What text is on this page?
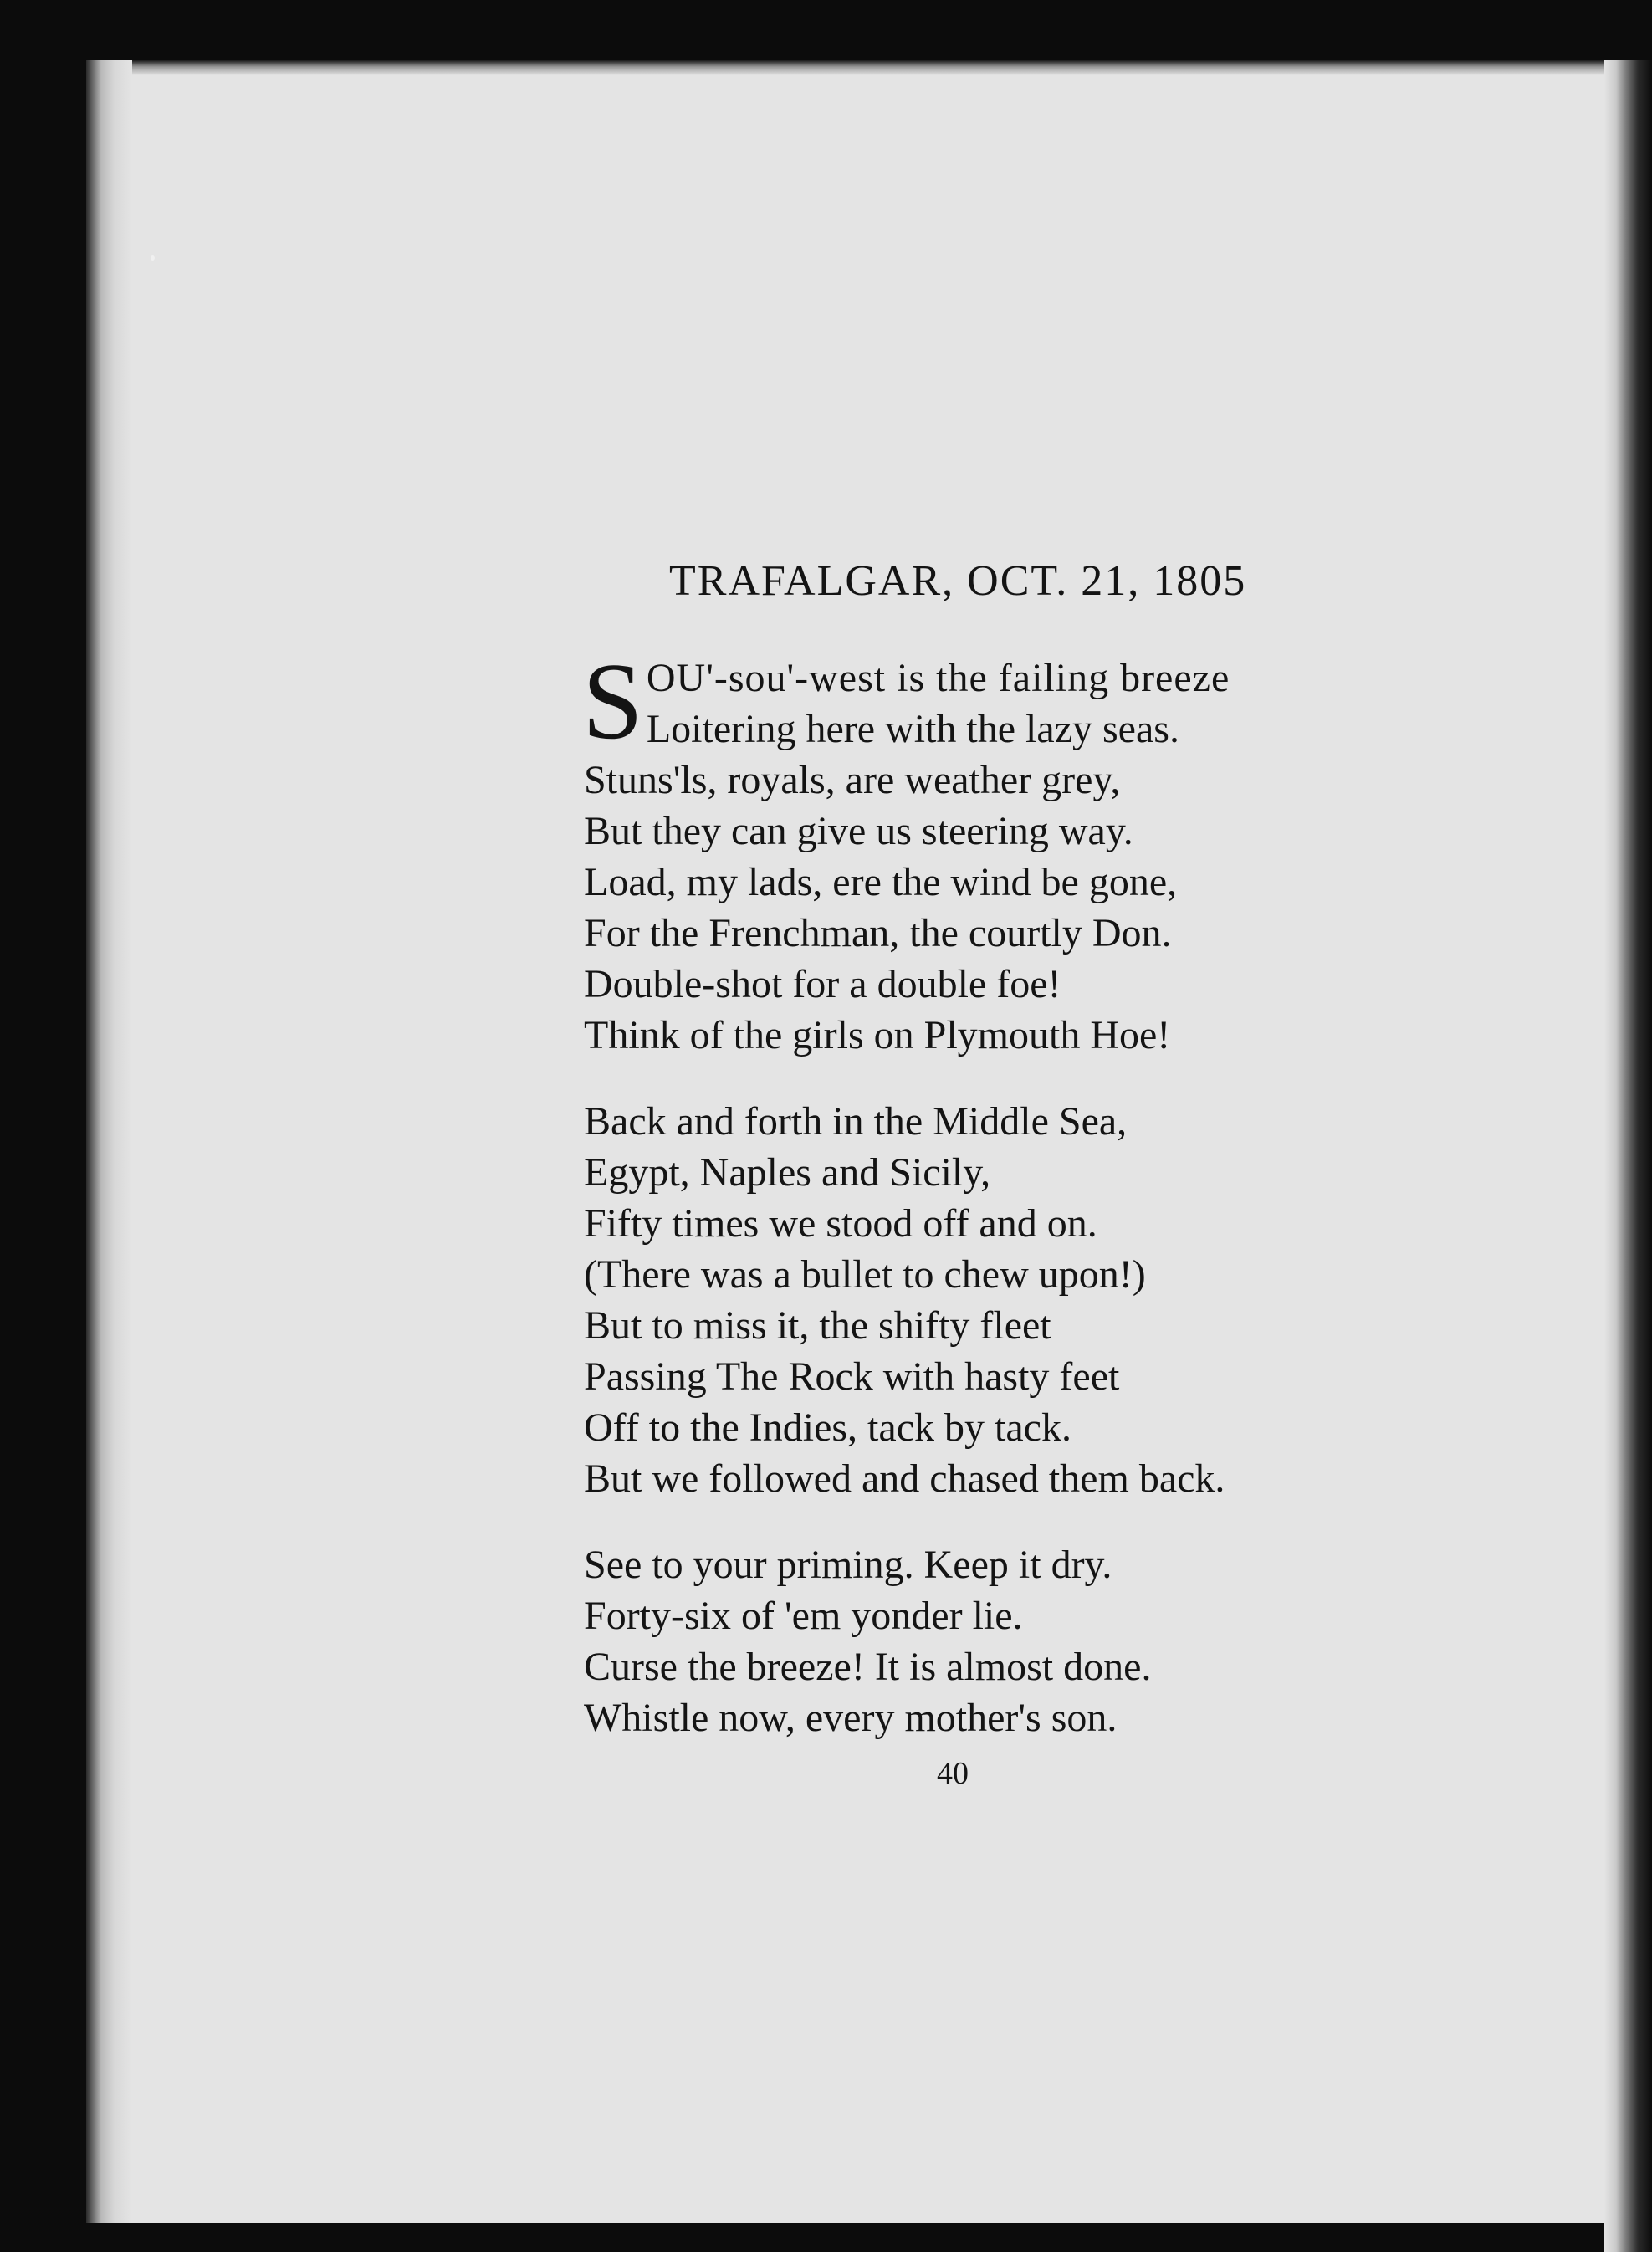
TRAFALGAR, OCT. 21, 1805
S OU'-sou'-west is the failing breeze
Loitering here with the lazy seas.
Stuns'ls, royals, are weather grey,
But they can give us steering way.
Load, my lads, ere the wind be gone,
For the Frenchman, the courtly Don.
Double-shot for a double foe!
Think of the girls on Plymouth Hoe!
Back and forth in the Middle Sea,
Egypt, Naples and Sicily,
Fifty times we stood off and on.
(There was a bullet to chew upon!)
But to miss it, the shifty fleet
Passing The Rock with hasty feet
Off to the Indies, tack by tack.
But we followed and chased them back.
See to your priming. Keep it dry.
Forty-six of 'em yonder lie.
Curse the breeze! It is almost done.
Whistle now, every mother's son.
40
